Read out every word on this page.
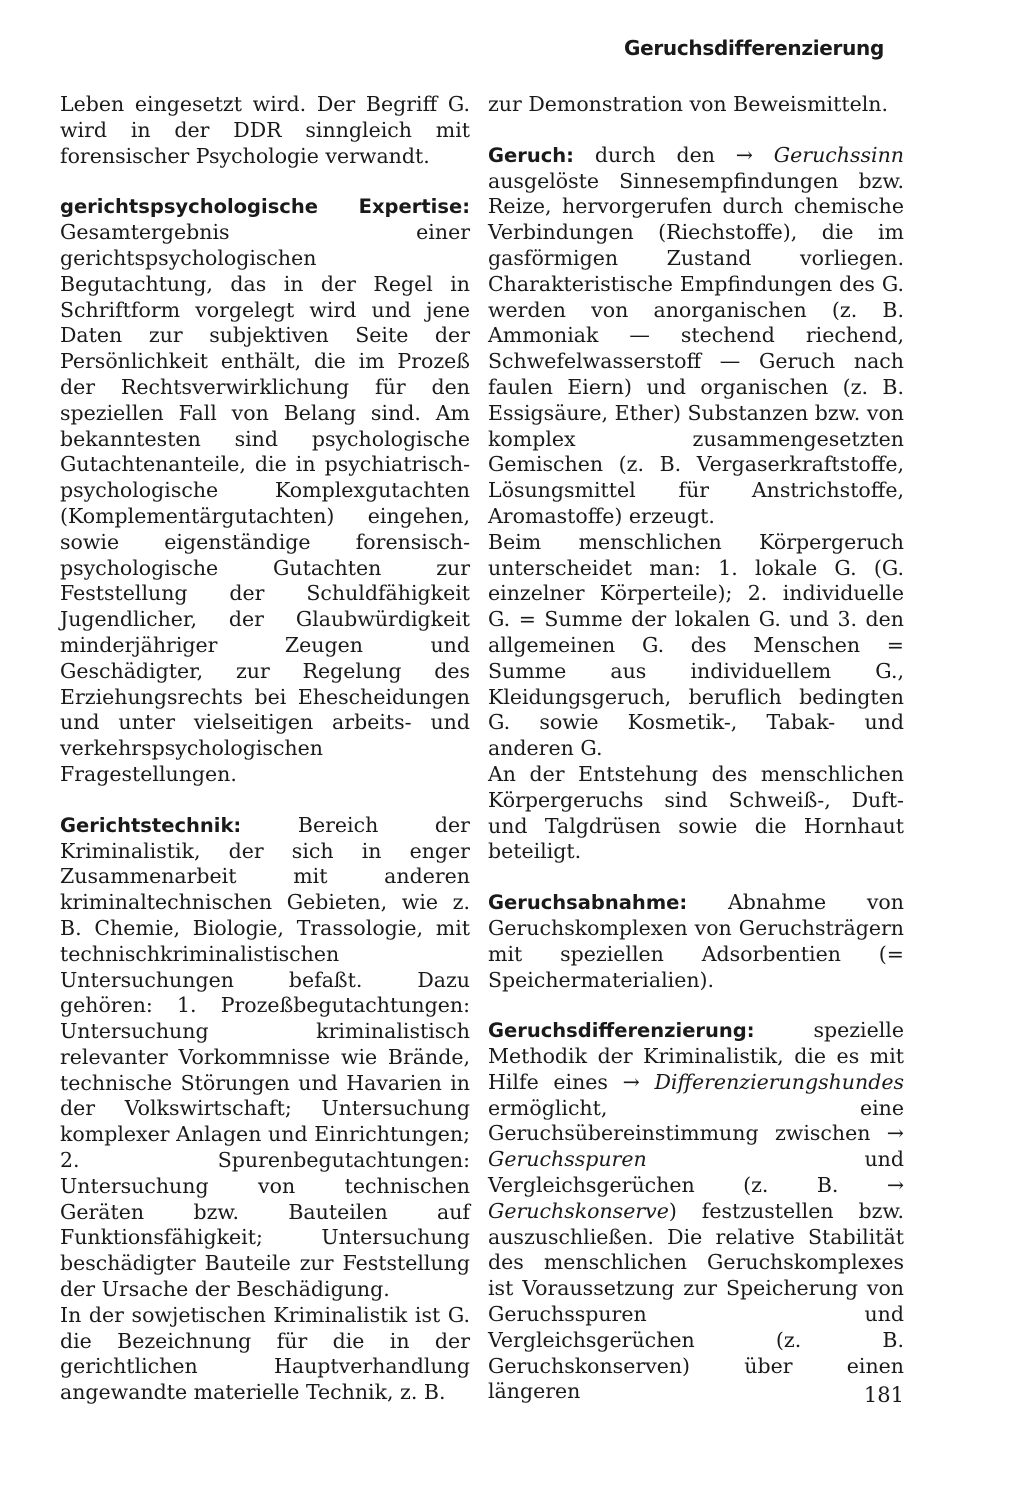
Geruchsdifferenzierung

Leben eingesetzt wird. Der Begriff G. wird in der DDR sinngleich mit forensischer Psychologie verwandt.

gerichtspsychologische Expertise: Gesamtergebnis einer gerichtspsychologischen Begutachtung, das in der Regel in Schriftform vorgelegt wird und jene Daten zur subjektiven Seite der Persönlichkeit enthält, die im Prozeß der Rechtsverwirklichung für den speziellen Fall von Belang sind. Am bekanntesten sind psychologische Gutachtenanteile, die in psychiatrisch-psychologische Komplexgutachten (Komplementärgutachten) eingehen, sowie eigenständige forensisch-psychologische Gutachten zur Feststellung der Schuldfähigkeit Jugendlicher, der Glaubwürdigkeit minderjähriger Zeugen und Geschädigter, zur Regelung des Erziehungsrechts bei Ehescheidungen und unter vielseitigen arbeits- und verkehrspsychologischen Fragestellungen.

Gerichtstechnik:	Bereich der Kriminalistik, der sich in enger Zusammenarbeit mit anderen kriminaltechnischen Gebieten, wie z. B. Chemie, Biologie, Trassologie, mit technischkriminalistischen Untersuchungen befaßt. Dazu gehören: 1. Prozeßbegutachtungen: Untersuchung kriminalistisch relevanter Vorkommnisse wie Brände, technische Störungen und Havarien in der Volkswirtschaft; Untersuchung komplexer Anlagen und Einrichtungen; 2. Spurenbegutachtungen: Untersuchung von technischen Geräten bzw. Bauteilen auf Funktionsfähigkeit; Untersuchung beschädigter Bauteile zur Feststellung der Ursache der Beschädigung.

In der sowjetischen Kriminalistik ist G. die Bezeichnung für die in der gerichtlichen Hauptverhandlung angewandte materielle Technik, z. B.

zur Demonstration von Beweismitteln.

Geruch: durch den → Geruchssinn ausgelöste Sinnesempfindungen bzw. Reize, hervorgerufen durch chemische Verbindungen (Riechstoffe), die im gasförmigen Zustand vorliegen. Charakteristische Empfindungen des G. werden von anorganischen (z. B. Ammoniak — stechend riechend, Schwefelwasserstoff — Geruch nach faulen Eiern) und organischen (z. B. Essigsäure, Ether) Substanzen bzw. von komplex zusammengesetzten Gemischen (z. B. Vergaserkraftstoffe, Lösungsmittel für Anstrichstoffe, Aromastoffe) erzeugt.

Beim menschlichen Körpergeruch unterscheidet man: 1. lokale G. (G. einzelner Körperteile); 2. individuelle G. = Summe der lokalen G. und 3. den allgemeinen G. des Menschen = Summe aus individuellem G., Kleidungsgeruch, beruflich bedingten G. sowie Kosmetik-, Tabak- und anderen G.

An der Entstehung des menschlichen Körpergeruchs sind Schweiß-, Duft- und Talgdrüsen sowie die Hornhaut beteiligt.

Geruchsabnahme: Abnahme von Geruchskomplexen von Geruchsträgern mit speziellen Adsorbentien (= Speichermaterialien).

Geruchsdifferenzierung:	spezielle Methodik der Kriminalistik, die es mit Hilfe eines → Differenzierungshundes ermöglicht, eine Geruchsübereinstimmung zwischen → Geruchsspuren	und Vergleichsgerüchen (z. B. → Geruchskonserve) festzustellen bzw. auszuschließen. Die relative Stabilität des menschlichen Geruchskomplexes ist Voraussetzung zur Speicherung von Geruchsspuren und Vergleichsgerüchen (z. B. Geruchskonserven) über einen längeren	181
